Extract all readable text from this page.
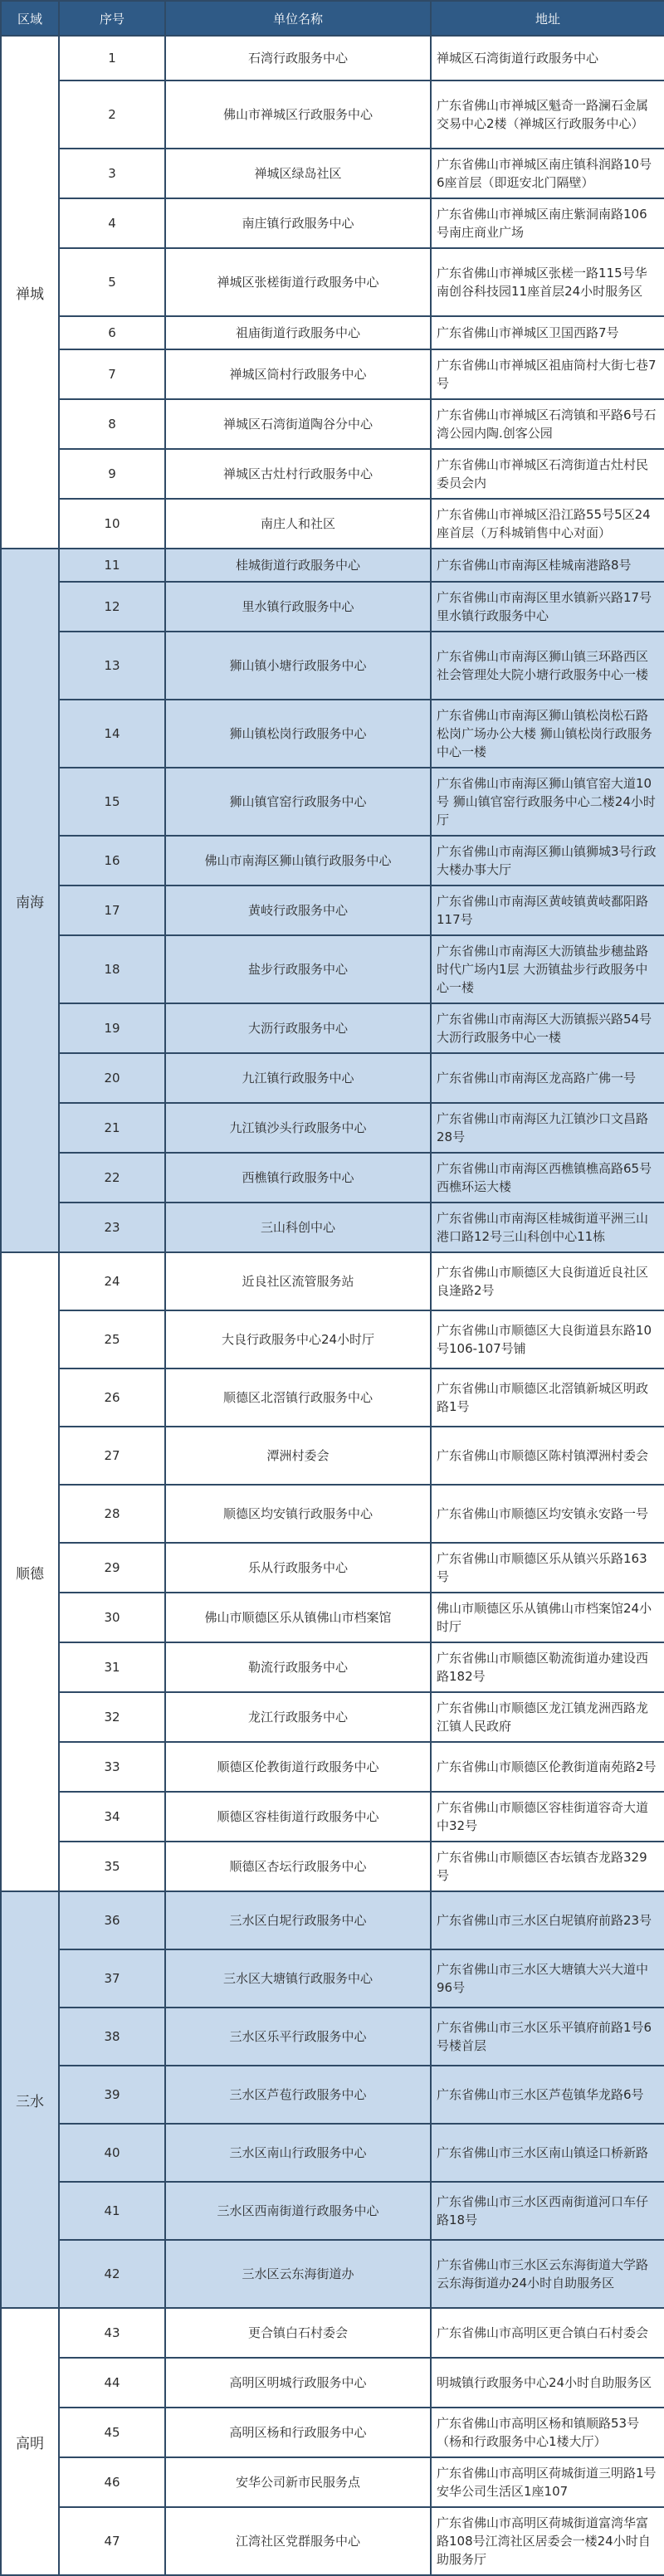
区域	序号	单位名称	地址
禅城	1	石湾行政服务中心	禅城区石湾街道行政服务中心
	2	佛山市禅城区行政服务中心	广东省佛山市禅城区魁奇一路澜石金属交易中心2楼（禅城区行政服务中心）
	3	禅城区绿岛社区	广东省佛山市禅城区南庄镇科润路10号6座首层（即逛安北门隔壁）
	4	南庄镇行政服务中心	广东省佛山市禅城区南庄紫洞南路106号南庄商业广场
	5	禅城区张槎街道行政服务中心	广东省佛山市禅城区张槎一路115号华南创谷科技园11座首层24小时服务区
	6	祖庙街道行政服务中心	广东省佛山市禅城区卫国西路7号
	7	禅城区筒村行政服务中心	广东省佛山市禅城区祖庙筒村大街七巷7号
	8	禅城区石湾街道陶谷分中心	广东省佛山市禅城区石湾镇和平路6号石湾公园内陶.创客公园
	9	禅城区古灶村行政服务中心	广东省佛山市禅城区石湾街道古灶村民委员会内
	10	南庄人和社区	广东省佛山市禅城区沿江路55号5区24座首层（万科城销售中心对面）
南海	11	桂城街道行政服务中心	广东省佛山市南海区桂城南港路8号
	12	里水镇行政服务中心	广东省佛山市南海区里水镇新兴路17号 里水镇行政服务中心
	13	狮山镇小塘行政服务中心	广东省佛山市南海区狮山镇三环路西区社会管理处大院小塘行政服务中心一楼
	14	狮山镇松岗行政服务中心	广东省佛山市南海区狮山镇松岗松石路松岗广场办公大楼 狮山镇松岗行政服务中心一楼
	15	狮山镇官窑行政服务中心	广东省佛山市南海区狮山镇官窑大道10号 狮山镇官窑行政服务中心二楼24小时厅
	16	佛山市南海区狮山镇行政服务中心	广东省佛山市南海区狮山镇狮城3号行政大楼办事大厅
	17	黄岐行政服务中心	广东省佛山市南海区黄岐镇黄岐鄱阳路117号
	18	盐步行政服务中心	广东省佛山市南海区大沥镇盐步穗盐路时代广场内1层 大沥镇盐步行政服务中心一楼
	19	大沥行政服务中心	广东省佛山市南海区大沥镇振兴路54号大沥行政服务中心一楼
	20	九江镇行政服务中心	广东省佛山市南海区龙高路广佛一号
	21	九江镇沙头行政服务中心	广东省佛山市南海区九江镇沙口文昌路28号
	22	西樵镇行政服务中心	广东省佛山市南海区西樵镇樵高路65号西樵环运大楼
	23	三山科创中心	广东省佛山市南海区桂城街道平洲三山港口路12号三山科创中心11栋
顺德	24	近良社区流管服务站	广东省佛山市顺德区大良街道近良社区良逢路2号
	25	大良行政服务中心24小时厅	广东省佛山市顺德区大良街道县东路10号106-107号铺
	26	顺德区北滘镇行政服务中心	广东省佛山市顺德区北滘镇新城区明政路1号
	27	潭洲村委会	广东省佛山市顺德区陈村镇潭洲村委会
	28	顺德区均安镇行政服务中心	广东省佛山市顺德区均安镇永安路一号
	29	乐从行政服务中心	广东省佛山市顺德区乐从镇兴乐路163号
	30	佛山市顺德区乐从镇佛山市档案馆	佛山市顺德区乐从镇佛山市档案馆24小时厅
	31	勒流行政服务中心	广东省佛山市顺德区勒流街道办建设西路182号
	32	龙江行政服务中心	广东省佛山市顺德区龙江镇龙洲西路龙江镇人民政府
	33	顺德区伦教街道行政服务中心	广东省佛山市顺德区伦教街道南苑路2号
	34	顺德区容桂街道行政服务中心	广东省佛山市顺德区容桂街道容奇大道中32号
	35	顺德区杏坛行政服务中心	广东省佛山市顺德区杏坛镇杏龙路329号
三水	36	三水区白坭行政服务中心	广东省佛山市三水区白坭镇府前路23号
	37	三水区大塘镇行政服务中心	广东省佛山市三水区大塘镇大兴大道中96号
	38	三水区乐平行政服务中心	广东省佛山市三水区乐平镇府前路1号6号楼首层
	39	三水区芦苞行政服务中心	广东省佛山市三水区芦苞镇华龙路6号
	40	三水区南山行政服务中心	广东省佛山市三水区南山镇迳口桥新路
	41	三水区西南街道行政服务中心	广东省佛山市三水区西南街道河口车仔路18号
	42	三水区云东海街道办	广东省佛山市三水区云东海街道大学路云东海街道办24小时自助服务区
高明	43	更合镇白石村委会	广东省佛山市高明区更合镇白石村委会
	44	高明区明城行政服务中心	明城镇行政服务中心24小时自助服务区
	45	高明区杨和行政服务中心	广东省佛山市高明区杨和镇顺路53号（杨和行政服务中心1楼大厅）
	46	安华公司新市民服务点	广东省佛山市高明区荷城街道三明路1号安华公司生活区1座107
	47	江湾社区党群服务中心	广东省佛山市高明区荷城街道富湾华富路108号江湾社区居委会一楼24小时自助服务厅
